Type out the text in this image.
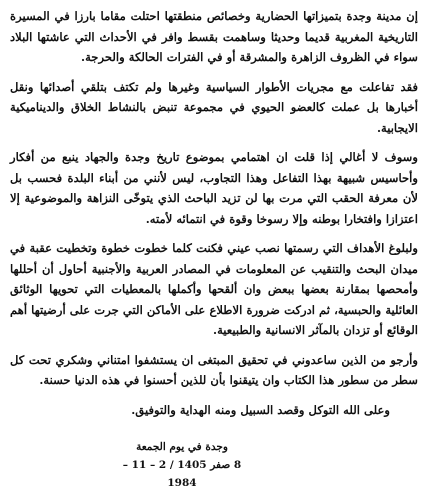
إن مدينة وجدة بتميزاتها الحضارية وخصائص منطقتها احتلت مقاما بارزا في المسيرة التاريخية المغربية قديما وحديثا وساهمت بقسط وافر في الأحداث التي عاشتها البلاد سواء في الظروف الزاهرة والمشرقة أو في الفترات الحالكة والحرجة.

فقد تفاعلت مع مجريات الأطوار السياسية وغيرها ولم تكتف بتلقي أصدائها ونقل أخبارها بل عملت كالعضو الحيوي في مجموعة تنبض بالنشاط الخلاق والديناميكية الايجابية.

وسوف لا أغالي إذا قلت ان اهتمامي بموضوع تاريخ وجدة والجهاد ينبع من أفكار وأحاسيس شبيهة بهذا التفاعل وهذا التجاوب، ليس لأنني من أبناء البلدة فحسب بل لأن معرفة الحقب التي مرت بها لن تزيد الباحث الذي يتوخّى النزاهة والموضوعية إلا اعتزازا وافتخارا بوطنه وإلا رسوخا وقوة في انتمائه لأمته.

ولبلوغ الأهداف التي رسمتها نصب عيني فكنت كلما خطوت خطوة وتخطيت عقبة في ميدان البحث والتنقيب عن المعلومات في المصادر العربية والأجنبية أحاول أن أحللها وأمحصها بمقارنة بعضها ببعض وان ألقحها وأكملها بالمعطيات التي تحويها الوثائق العائلية والحبسية، ثم ادركت ضرورة الاطلاع على الأماكن التي جرت على أرضيتها أهم الوقائع أو تزدان بالمآثر الانسانية والطبيعية.

وأرجو من الذين ساعدوني في تحقيق المبتغى ان يستشفوا امتناني وشكري تحت كل سطر من سطور هذا الكتاب وان يتيقنوا بأن للذين أحسنوا في هذه الدنيا حسنة.

وعلى الله التوكل وقصد السبيل ومنه الهداية والتوفيق.

وجدة في يوم الجمعة
8 صفر 1405 / 2 – 11 – 1984
